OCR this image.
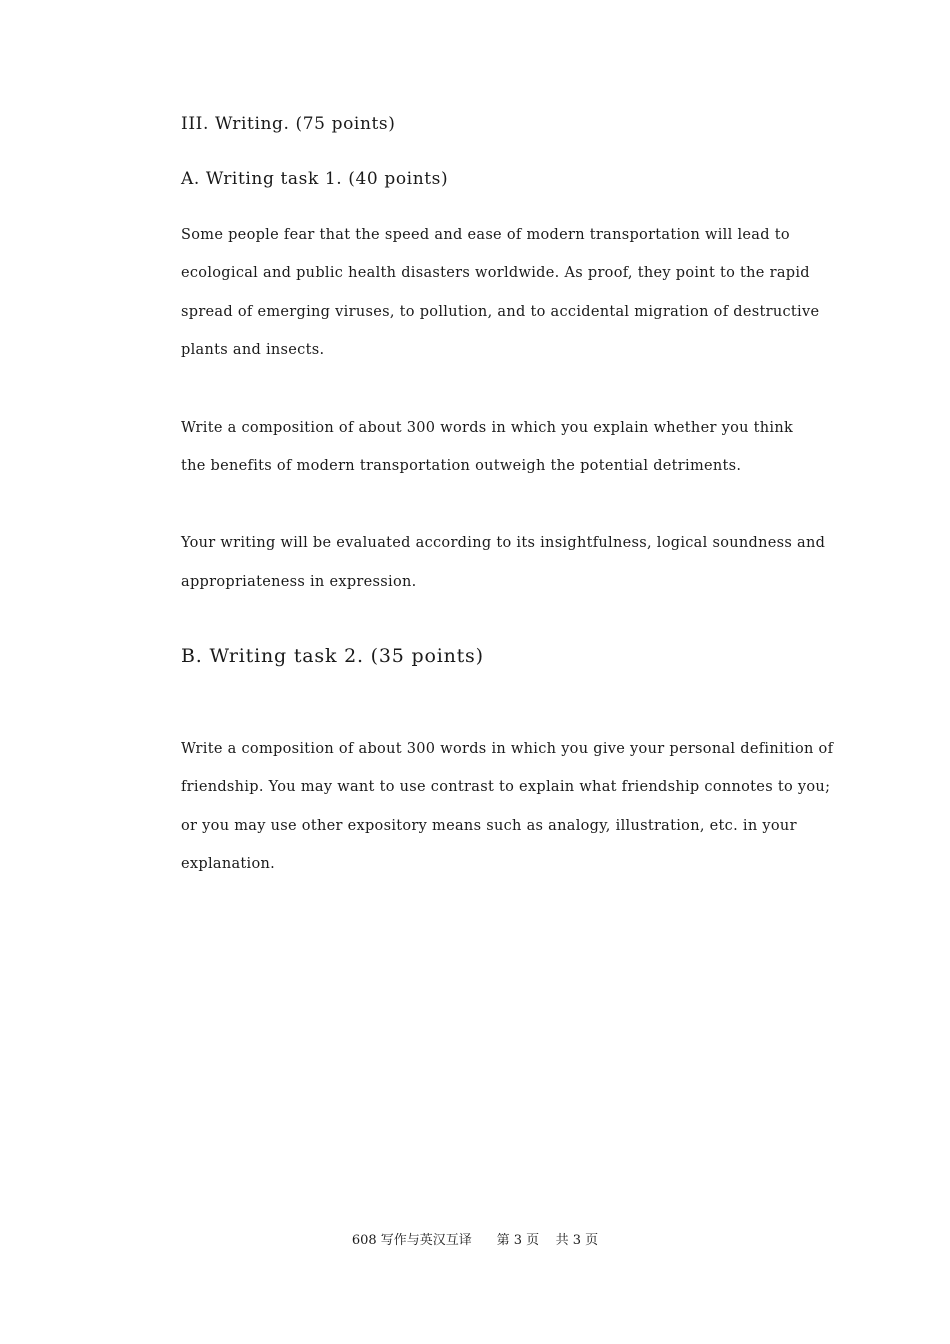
III. Writing. (75 points)
A. Writing task 1. (40 points)
Some people fear that the speed and ease of modern transportation will lead to
ecological and public health disasters worldwide. As proof, they point to the rapid
spread of emerging viruses, to pollution, and to accidental migration of destructive
plants and insects.
Write a composition of about 300 words in which you explain whether you think
the benefits of modern transportation outweigh the potential detriments.
Your writing will be evaluated according to its insightfulness, logical soundness and
appropriateness in expression.
B. Writing task 2. (35 points)
Write a composition of about 300 words in which you give your personal definition of
friendship. You may want to use contrast to explain what friendship connotes to you;
or you may use other expository means such as analogy, illustration, etc. in your
explanation.
608 写作与英汉互译      第 3 页    共 3 页
